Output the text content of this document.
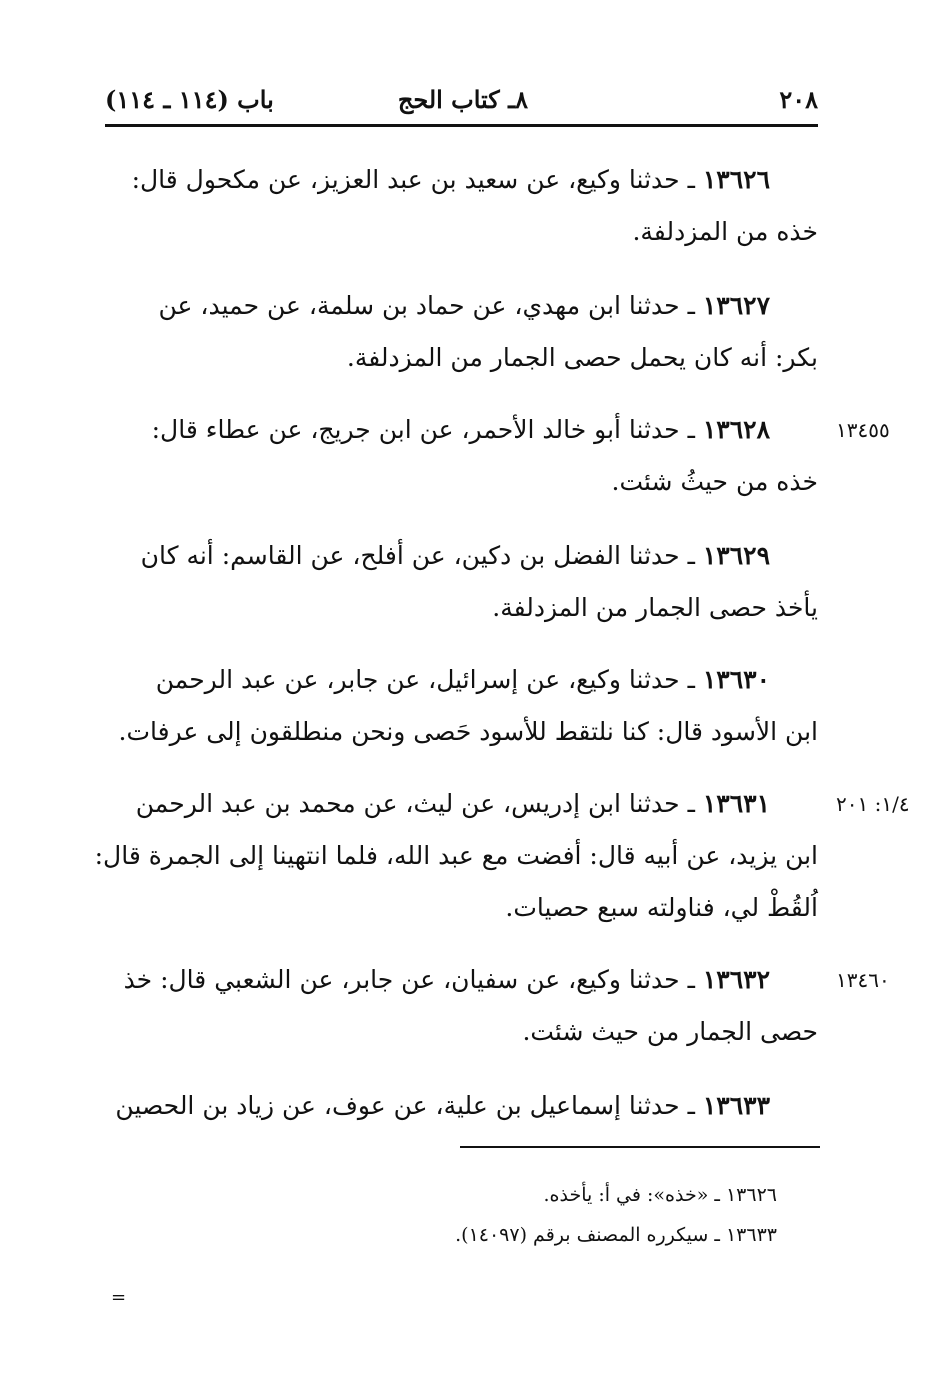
٢٠٨
٨ـ كتاب الحج
باب (١١٤ ـ ١١٤)
١٣٦٢٦ ـ حدثنا وكيع، عن سعيد بن عبد العزيز، عن مكحول قال:
خذه من المزدلفة.
١٣٦٢٧ ـ حدثنا ابن مهدي، عن حماد بن سلمة، عن حميد، عن
بكر: أنه كان يحمل حصى الجمار من المزدلفة.
١٣٦٢٨ ـ حدثنا أبو خالد الأحمر، عن ابن جريج، عن عطاء قال:
خذه من حيثُ شئت.
١٣٤٥٥
١٣٦٢٩ ـ حدثنا الفضل بن دكين، عن أفلح، عن القاسم: أنه كان
يأخذ حصى الجمار من المزدلفة.
١٣٦٣٠ ـ حدثنا وكيع، عن إسرائيل، عن جابر، عن عبد الرحمن
ابن الأسود قال: كنا نلتقط للأسود حَصى ونحن منطلقون إلى عرفات.
١٣٦٣١ ـ حدثنا ابن إدريس، عن ليث، عن محمد بن عبد الرحمن
ابن يزيد، عن أبيه قال: أفضت مع عبد الله، فلما انتهينا إلى الجمرة قال:
اُلقُطْ لي، فناولته سبع حصيات.
١/٤: ٢٠١
١٣٦٣٢ ـ حدثنا وكيع، عن سفيان، عن جابر، عن الشعبي قال: خذ
حصى الجمار من حيث شئت.
١٣٤٦٠
١٣٦٣٣ ـ حدثنا إسماعيل بن علية، عن عوف، عن زياد بن الحصين
١٣٦٢٦ ـ «خذه»: في أ: يأخذه.
١٣٦٣٣ ـ سيكرره المصنف برقم (١٤٠٩٧).
=
